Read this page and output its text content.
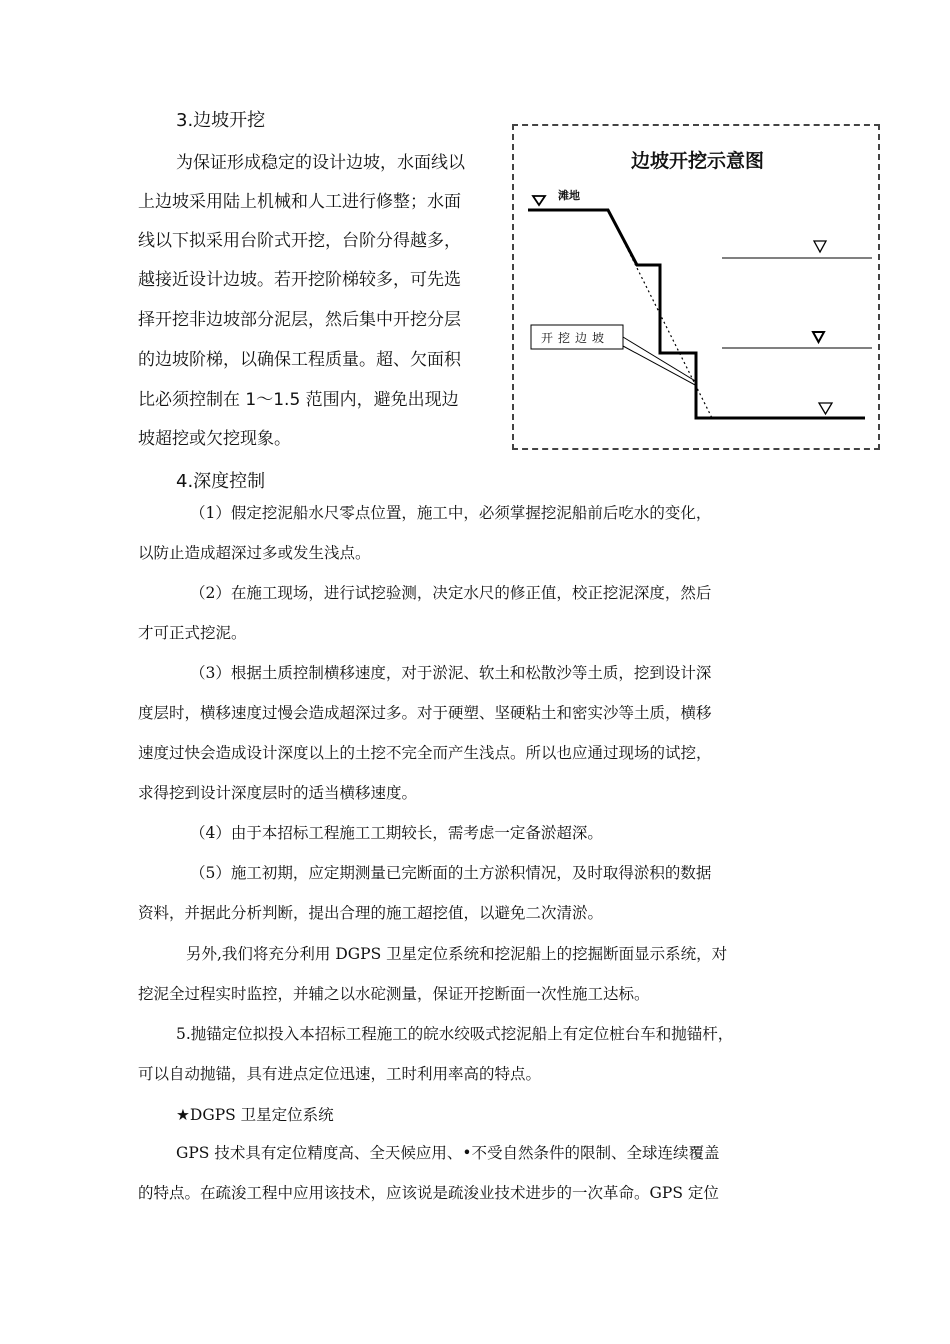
3.边坡开挖
为保证形成稳定的设计边坡，水面线以
上边坡采用陆上机械和人工进行修整；水面
线以下拟采用台阶式开挖，台阶分得越多，
越接近设计边坡。若开挖阶梯较多，可先选
择开挖非边坡部分泥层，然后集中开挖分层
的边坡阶梯，以确保工程质量。超、欠面积
比必须控制在 1～1.5 范围内，避免出现边
坡超挖或欠挖现象。
边坡开挖示意图
滩地
开挖边坡
4.深度控制
（1）假定挖泥船水尺零点位置，施工中，必须掌握挖泥船前后吃水的变化，
以防止造成超深过多或发生浅点。
（2）在施工现场，进行试挖验测，决定水尺的修正值，校正挖泥深度，然后
才可正式挖泥。
（3）根据土质控制横移速度，对于淤泥、软土和松散沙等土质，挖到设计深
度层时，横移速度过慢会造成超深过多。对于硬塑、坚硬粘土和密实沙等土质，横移
速度过快会造成设计深度以上的土挖不完全而产生浅点。所以也应通过现场的试挖，
求得挖到设计深度层时的适当横移速度。
（4）由于本招标工程施工工期较长，需考虑一定备淤超深。
（5）施工初期，应定期测量已完断面的土方淤积情况，及时取得淤积的数据
资料，并据此分析判断，提出合理的施工超挖值，以避免二次清淤。
另外,我们将充分利用 DGPS 卫星定位系统和挖泥船上的挖掘断面显示系统，对
挖泥全过程实时监控，并辅之以水砣测量，保证开挖断面一次性施工达标。
5.抛锚定位拟投入本招标工程施工的皖水绞吸式挖泥船上有定位桩台车和抛锚杆，
可以自动抛锚，具有进点定位迅速，工时利用率高的特点。
★DGPS 卫星定位系统
GPS 技术具有定位精度高、全天候应用、•不受自然条件的限制、全球连续覆盖
的特点。在疏浚工程中应用该技术，应该说是疏浚业技术进步的一次革命。GPS 定位
